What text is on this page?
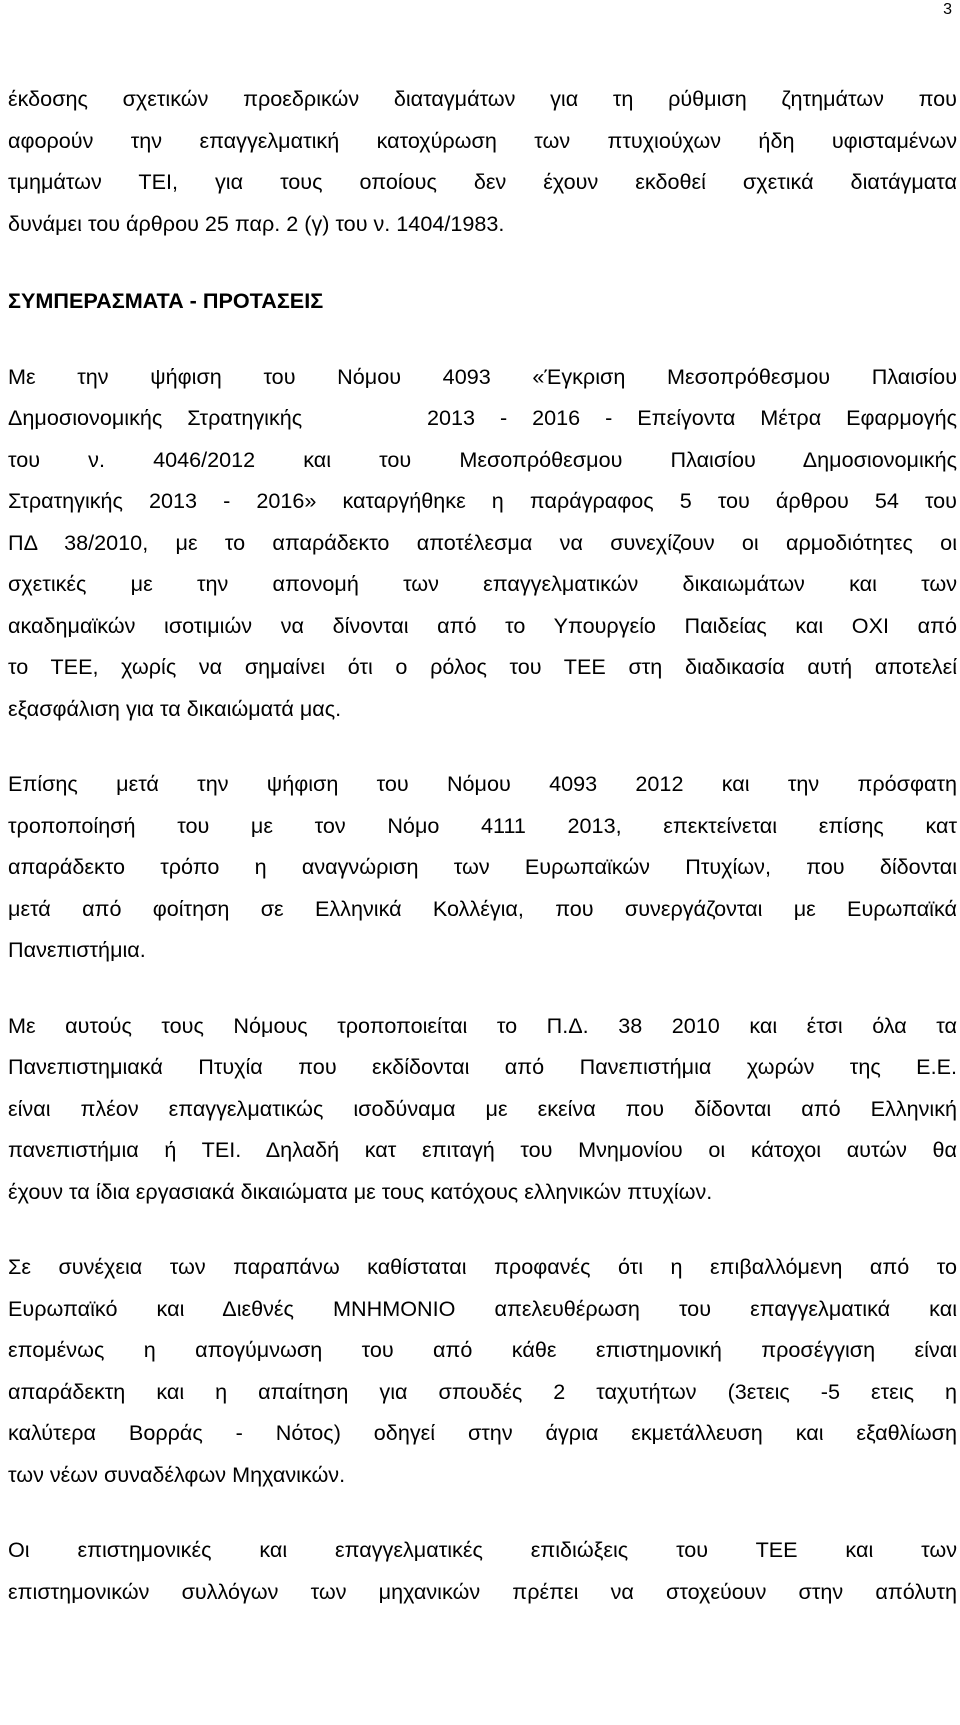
3

έκδοσης σχετικών προεδρικών διαταγμάτων για τη ρύθμιση ζητημάτων που
αφορούν την επαγγελματική κατοχύρωση των πτυχιούχων ήδη υφισταμένων
τμημάτων ΤΕΙ, για τους οποίους δεν έχουν εκδοθεί σχετικά διατάγματα
δυνάμει του άρθρου 25 παρ. 2 (γ) του ν. 1404/1983.

ΣΥΜΠΕΡΑΣΜΑΤΑ - ΠΡΟΤΑΣΕΙΣ

Με την ψήφιση του Νόμου 4093 «Έγκριση Μεσοπρόθεσμου Πλαισίου
Δημοσιονομικής Στρατηγικής     2013 - 2016 - Επείγοντα Μέτρα Εφαρμογής
του ν. 4046/2012 και του Μεσοπρόθεσμου Πλαισίου Δημοσιονομικής
Στρατηγικής 2013 - 2016» καταργήθηκε η παράγραφος 5 του άρθρου 54 του
ΠΔ 38/2010, με το απαράδεκτο αποτέλεσμα να συνεχίζουν οι αρμοδιότητες οι
σχετικές με την απονομή των επαγγελματικών δικαιωμάτων και των
ακαδημαϊκών ισοτιμιών να δίνονται από το Υπουργείο Παιδείας και ΟΧΙ από
το ΤΕΕ, χωρίς να σημαίνει ότι ο ρόλος του ΤΕΕ στη διαδικασία αυτή αποτελεί
εξασφάλιση για τα δικαιώματά μας.

Επίσης μετά την ψήφιση του Νόμου 4093 2012 και την πρόσφατη
τροποποίησή του με τον Νόμο 4111 2013, επεκτείνεται επίσης κατ
απαράδεκτο τρόπο η αναγνώριση των Ευρωπαϊκών Πτυχίων, που δίδονται
μετά από φοίτηση σε Ελληνικά Κολλέγια, που συνεργάζονται με Ευρωπαϊκά
Πανεπιστήμια.

Με αυτούς τους Νόμους τροποποιείται το Π.Δ. 38 2010 και έτσι όλα τα
Πανεπιστημιακά Πτυχία που εκδίδονται από Πανεπιστήμια χωρών της Ε.Ε.
είναι πλέον επαγγελματικώς ισοδύναμα με εκείνα που δίδονται από Ελληνική
πανεπιστήμια ή ΤΕΙ. Δηλαδή κατ επιταγή του Μνημονίου οι κάτοχοι αυτών θα
έχουν τα ίδια εργασιακά δικαιώματα με τους κατόχους ελληνικών πτυχίων.

Σε συνέχεια των παραπάνω καθίσταται προφανές ότι η επιβαλλόμενη από το
Ευρωπαϊκό και Διεθνές ΜΝΗΜΟΝΙΟ απελευθέρωση του επαγγελματικά και
επομένως η απογύμνωση του από κάθε επιστημονική προσέγγιση είναι
απαράδεκτη και η απαίτηση για σπουδές 2 ταχυτήτων (3ετεις -5 ετεις η
καλύτερα Βορράς - Νότος) οδηγεί στην άγρια εκμετάλλευση και εξαθλίωση
των νέων συναδέλφων Μηχανικών.

Οι επιστημονικές και επαγγελματικές επιδιώξεις του ΤΕΕ και των
επιστημονικών συλλόγων των μηχανικών πρέπει να στοχεύουν στην απόλυτη
